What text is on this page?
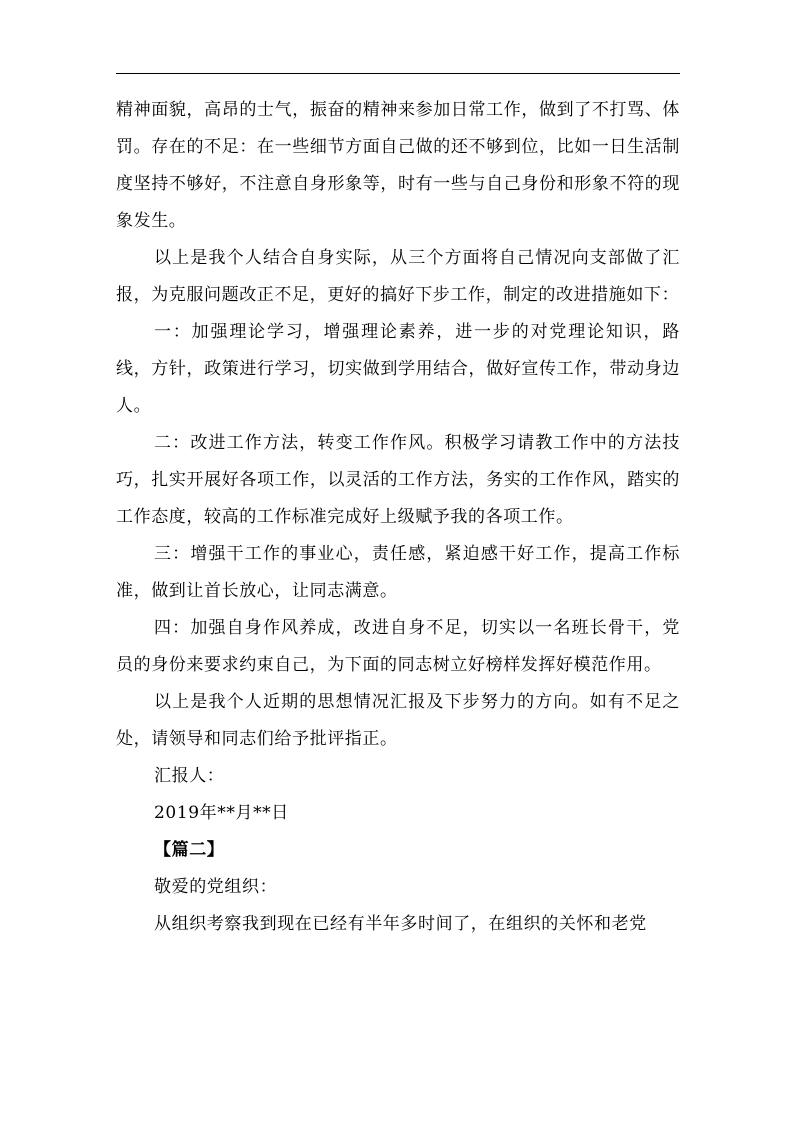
精神面貌，高昂的士气，振奋的精神来参加日常工作，做到了不打骂、体罚。存在的不足：在一些细节方面自己做的还不够到位，比如一日生活制度坚持不够好，不注意自身形象等，时有一些与自己身份和形象不符的现象发生。

以上是我个人结合自身实际，从三个方面将自己情况向支部做了汇报，为克服问题改正不足，更好的搞好下步工作，制定的改进措施如下：

一：加强理论学习，增强理论素养，进一步的对党理论知识，路线，方针，政策进行学习，切实做到学用结合，做好宣传工作，带动身边人。

二：改进工作方法，转变工作作风。积极学习请教工作中的方法技巧，扎实开展好各项工作，以灵活的工作方法，务实的工作作风，踏实的工作态度，较高的工作标准完成好上级赋予我的各项工作。

三：增强干工作的事业心，责任感，紧迫感干好工作，提高工作标准，做到让首长放心，让同志满意。

四：加强自身作风养成，改进自身不足，切实以一名班长骨干，党员的身份来要求约束自己，为下面的同志树立好榜样发挥好模范作用。

以上是我个人近期的思想情况汇报及下步努力的方向。如有不足之处，请领导和同志们给予批评指正。

汇报人：

2019年**月**日

【篇二】

敬爱的党组织：

从组织考察我到现在已经有半年多时间了，在组织的关怀和老党
